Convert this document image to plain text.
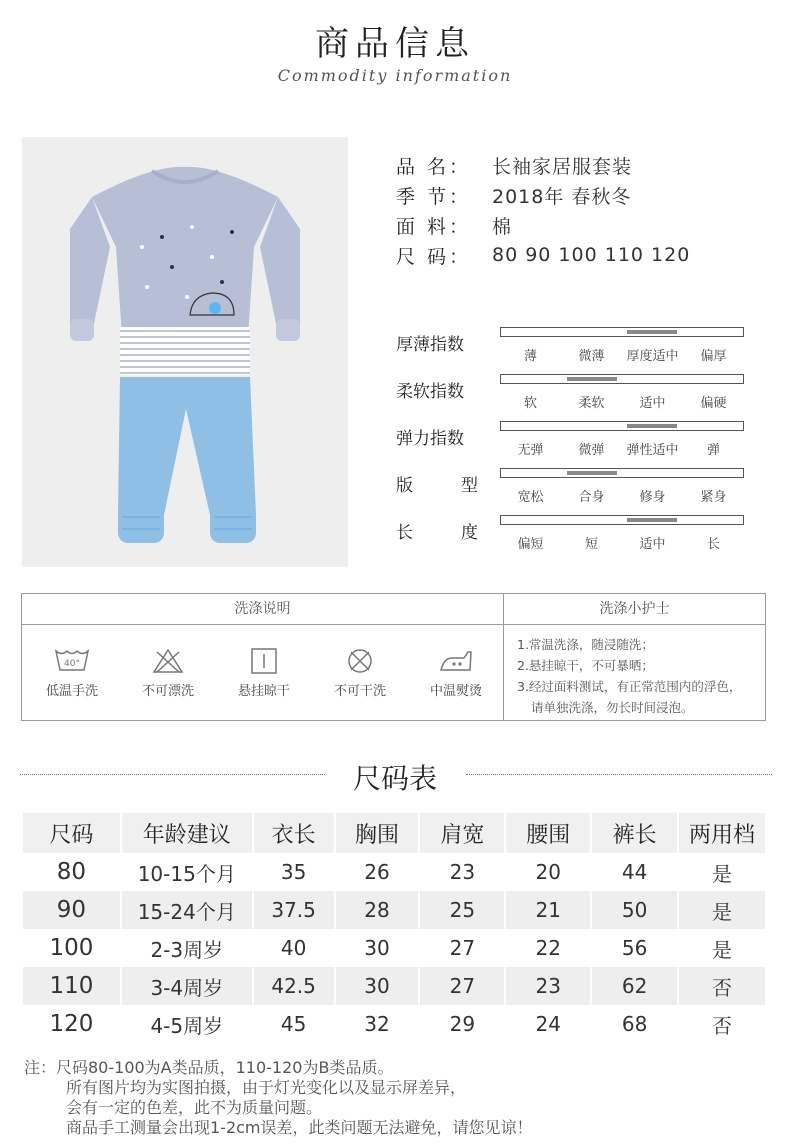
商品信息
Commodity information
品 名：	长袖家居服套装
季 节：	2018年 春秋冬
面 料：	棉
尺 码：	80 90 100 110 120
厚薄指数
薄	微薄	厚度适中	偏厚
柔软指数
软	柔软	适中	偏硬
弹力指数
无弹	微弹	弹性适中	弹
版	型
宽松	合身	修身	紧身
长	度
偏短	短	适中	长
洗涤说明	洗涤小护士
40°
低温手洗	不可漂洗	悬挂晾干	不可干洗	中温熨烫
1.常温洗涤，随浸随洗；
2.悬挂晾干，不可暴晒；
3.经过面料测试，有正常范围内的浮色，
请单独洗涤，勿长时间浸泡。
尺码表
尺码	年龄建议	衣长	胸围	肩宽	腰围	裤长	两用档
80	10-15个月	35	26	23	20	44	是
90	15-24个月	37.5	28	25	21	50	是
100	2-3周岁	40	30	27	22	56	是
110	3-4周岁	42.5	30	27	23	62	否
120	4-5周岁	45	32	29	24	68	否
注：尺码80-100为A类品质，110-120为B类品质。
所有图片均为实图拍摄，由于灯光变化以及显示屏差异，
会有一定的色差，此不为质量问题。
商品手工测量会出现1-2cm误差，此类问题无法避免，请您见谅！
